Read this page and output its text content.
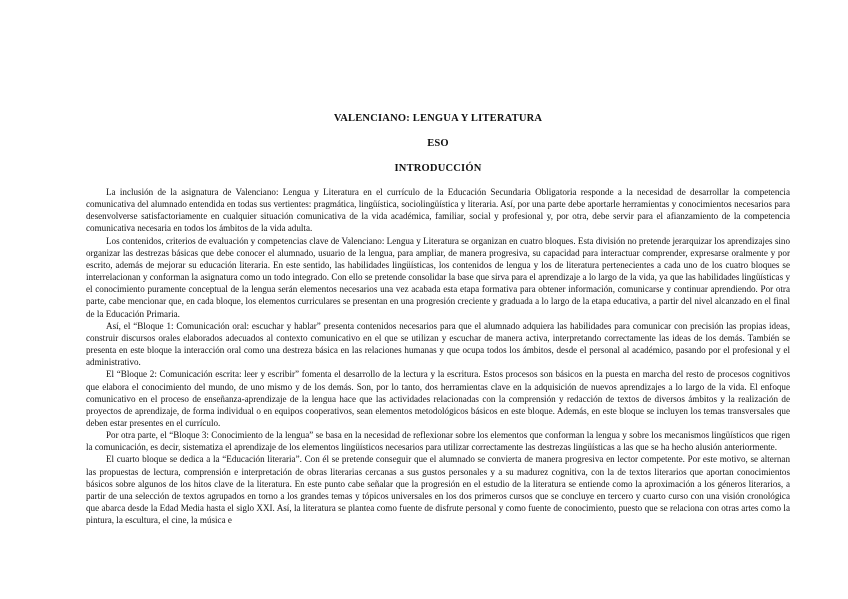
VALENCIANO: LENGUA Y LITERATURA
ESO
INTRODUCCIÓN

La inclusión de la asignatura de Valenciano: Lengua y Literatura en el currículo de la Educación Secundaria Obligatoria responde a la necesidad de desarrollar la competencia comunicativa del alumnado entendida en todas sus vertientes: pragmática, lingüística, sociolingüística y literaria. Así, por una parte debe aportarle herramientas y conocimientos necesarios para desenvolverse satisfactoriamente en cualquier situación comunicativa de la vida académica, familiar, social y profesional y, por otra, debe servir para el afianzamiento de la competencia comunicativa necesaria en todos los ámbitos de la vida adulta.

Los contenidos, criterios de evaluación y competencias clave de Valenciano: Lengua y Literatura se organizan en cuatro bloques. Esta división no pretende jerarquizar los aprendizajes sino organizar las destrezas básicas que debe conocer el alumnado, usuario de la lengua, para ampliar, de manera progresiva, su capacidad para interactuar comprender, expresarse oralmente y por escrito, además de mejorar su educación literaria. En este sentido, las habilidades lingüísticas, los contenidos de lengua y los de literatura pertenecientes a cada uno de los cuatro bloques se interrelacionan y conforman la asignatura como un todo integrado. Con ello se pretende consolidar la base que sirva para el aprendizaje a lo largo de la vida, ya que las habilidades lingüísticas y el conocimiento puramente conceptual de la lengua serán elementos necesarios una vez acabada esta etapa formativa para obtener información, comunicarse y continuar aprendiendo. Por otra parte, cabe mencionar que, en cada bloque, los elementos curriculares se presentan en una progresión creciente y graduada a lo largo de la etapa educativa, a partir del nivel alcanzado en el final de la Educación Primaria.

Así, el “Bloque 1: Comunicación oral: escuchar y hablar” presenta contenidos necesarios para que el alumnado adquiera las habilidades para comunicar con precisión las propias ideas, construir discursos orales elaborados adecuados al contexto comunicativo en el que se utilizan y escuchar de manera activa, interpretando correctamente las ideas de los demás. También se presenta en este bloque la interacción oral como una destreza básica en las relaciones humanas y que ocupa todos los ámbitos, desde el personal al académico, pasando por el profesional y el administrativo.

El “Bloque 2: Comunicación escrita: leer y escribir” fomenta el desarrollo de la lectura y la escritura. Estos procesos son básicos en la puesta en marcha del resto de procesos cognitivos que elabora el conocimiento del mundo, de uno mismo y de los demás. Son, por lo tanto, dos herramientas clave en la adquisición de nuevos aprendizajes a lo largo de la vida. El enfoque comunicativo en el proceso de enseñanza-aprendizaje de la lengua hace que las actividades relacionadas con la comprensión y redacción de textos de diversos ámbitos y la realización de proyectos de aprendizaje, de forma individual o en equipos cooperativos, sean elementos metodológicos básicos en este bloque. Además, en este bloque se incluyen los temas transversales que deben estar presentes en el currículo.

Por otra parte, el “Bloque 3: Conocimiento de la lengua” se basa en la necesidad de reflexionar sobre los elementos que conforman la lengua y sobre los mecanismos lingüísticos que rigen la comunicación, es decir, sistematiza el aprendizaje de los elementos lingüísticos necesarios para utilizar correctamente las destrezas lingüísticas a las que se ha hecho alusión anteriormente.

El cuarto bloque se dedica a la “Educación literaria”. Con él se pretende conseguir que el alumnado se convierta de manera progresiva en lector competente. Por este motivo, se alternan las propuestas de lectura, comprensión e interpretación de obras literarias cercanas a sus gustos personales y a su madurez cognitiva, con la de textos literarios que aportan conocimientos básicos sobre algunos de los hitos clave de la literatura. En este punto cabe señalar que la progresión en el estudio de la literatura se entiende como la aproximación a los géneros literarios, a partir de una selección de textos agrupados en torno a los grandes temas y tópicos universales en los dos primeros cursos que se concluye en tercero y cuarto curso con una visión cronológica que abarca desde la Edad Media hasta el siglo XXI. Así, la literatura se plantea como fuente de disfrute personal y como fuente de conocimiento, puesto que se relaciona con otras artes como la pintura, la escultura, el cine, la música e
